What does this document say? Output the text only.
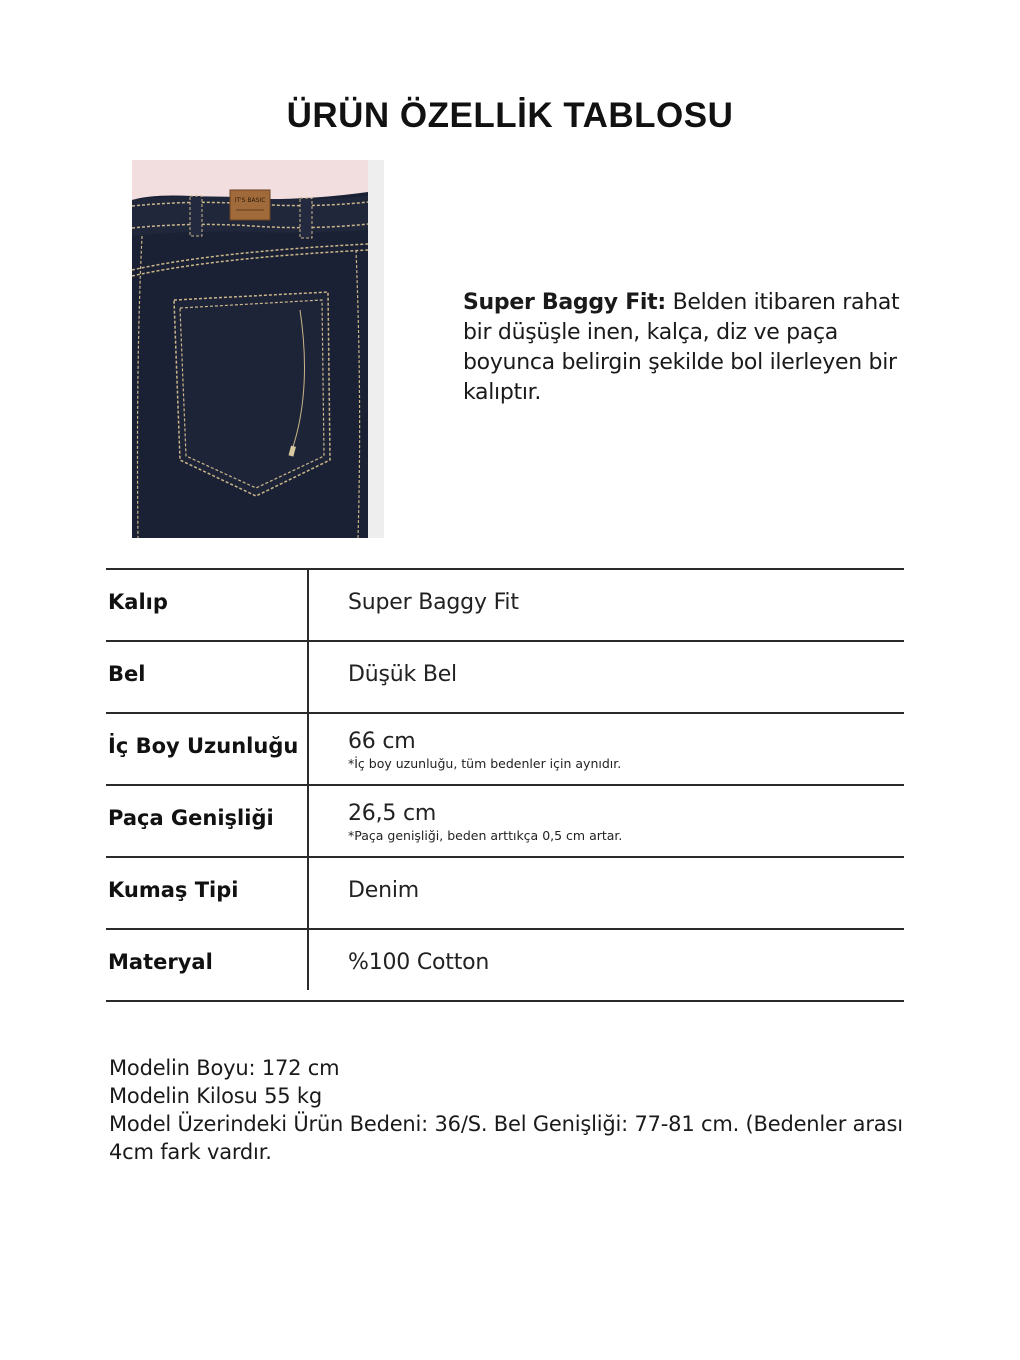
ÜRÜN ÖZELLİK TABLOSU
IT'S BASIC
Super Baggy Fit: Belden itibaren rahat bir düşüşle inen, kalça, diz ve paça boyunca belirgin şekilde bol ilerleyen bir kalıptır.
Kalıp	Super Baggy Fit
Bel	Düşük Bel
İç Boy Uzunluğu 66 cm
*İç boy uzunluğu, tüm bedenler için aynıdır.
Paça Genişliği	26,5 cm
*Paça genişliği, beden arttıkça 0,5 cm artar.
Kumaş Tipi	Denim
Materyal	%100 Cotton
Modelin Boyu: 172 cm
Modelin Kilosu 55 kg
Model Üzerindeki Ürün Bedeni: 36/S. Bel Genişliği: 77-81 cm. (Bedenler arası 4cm fark vardır.
